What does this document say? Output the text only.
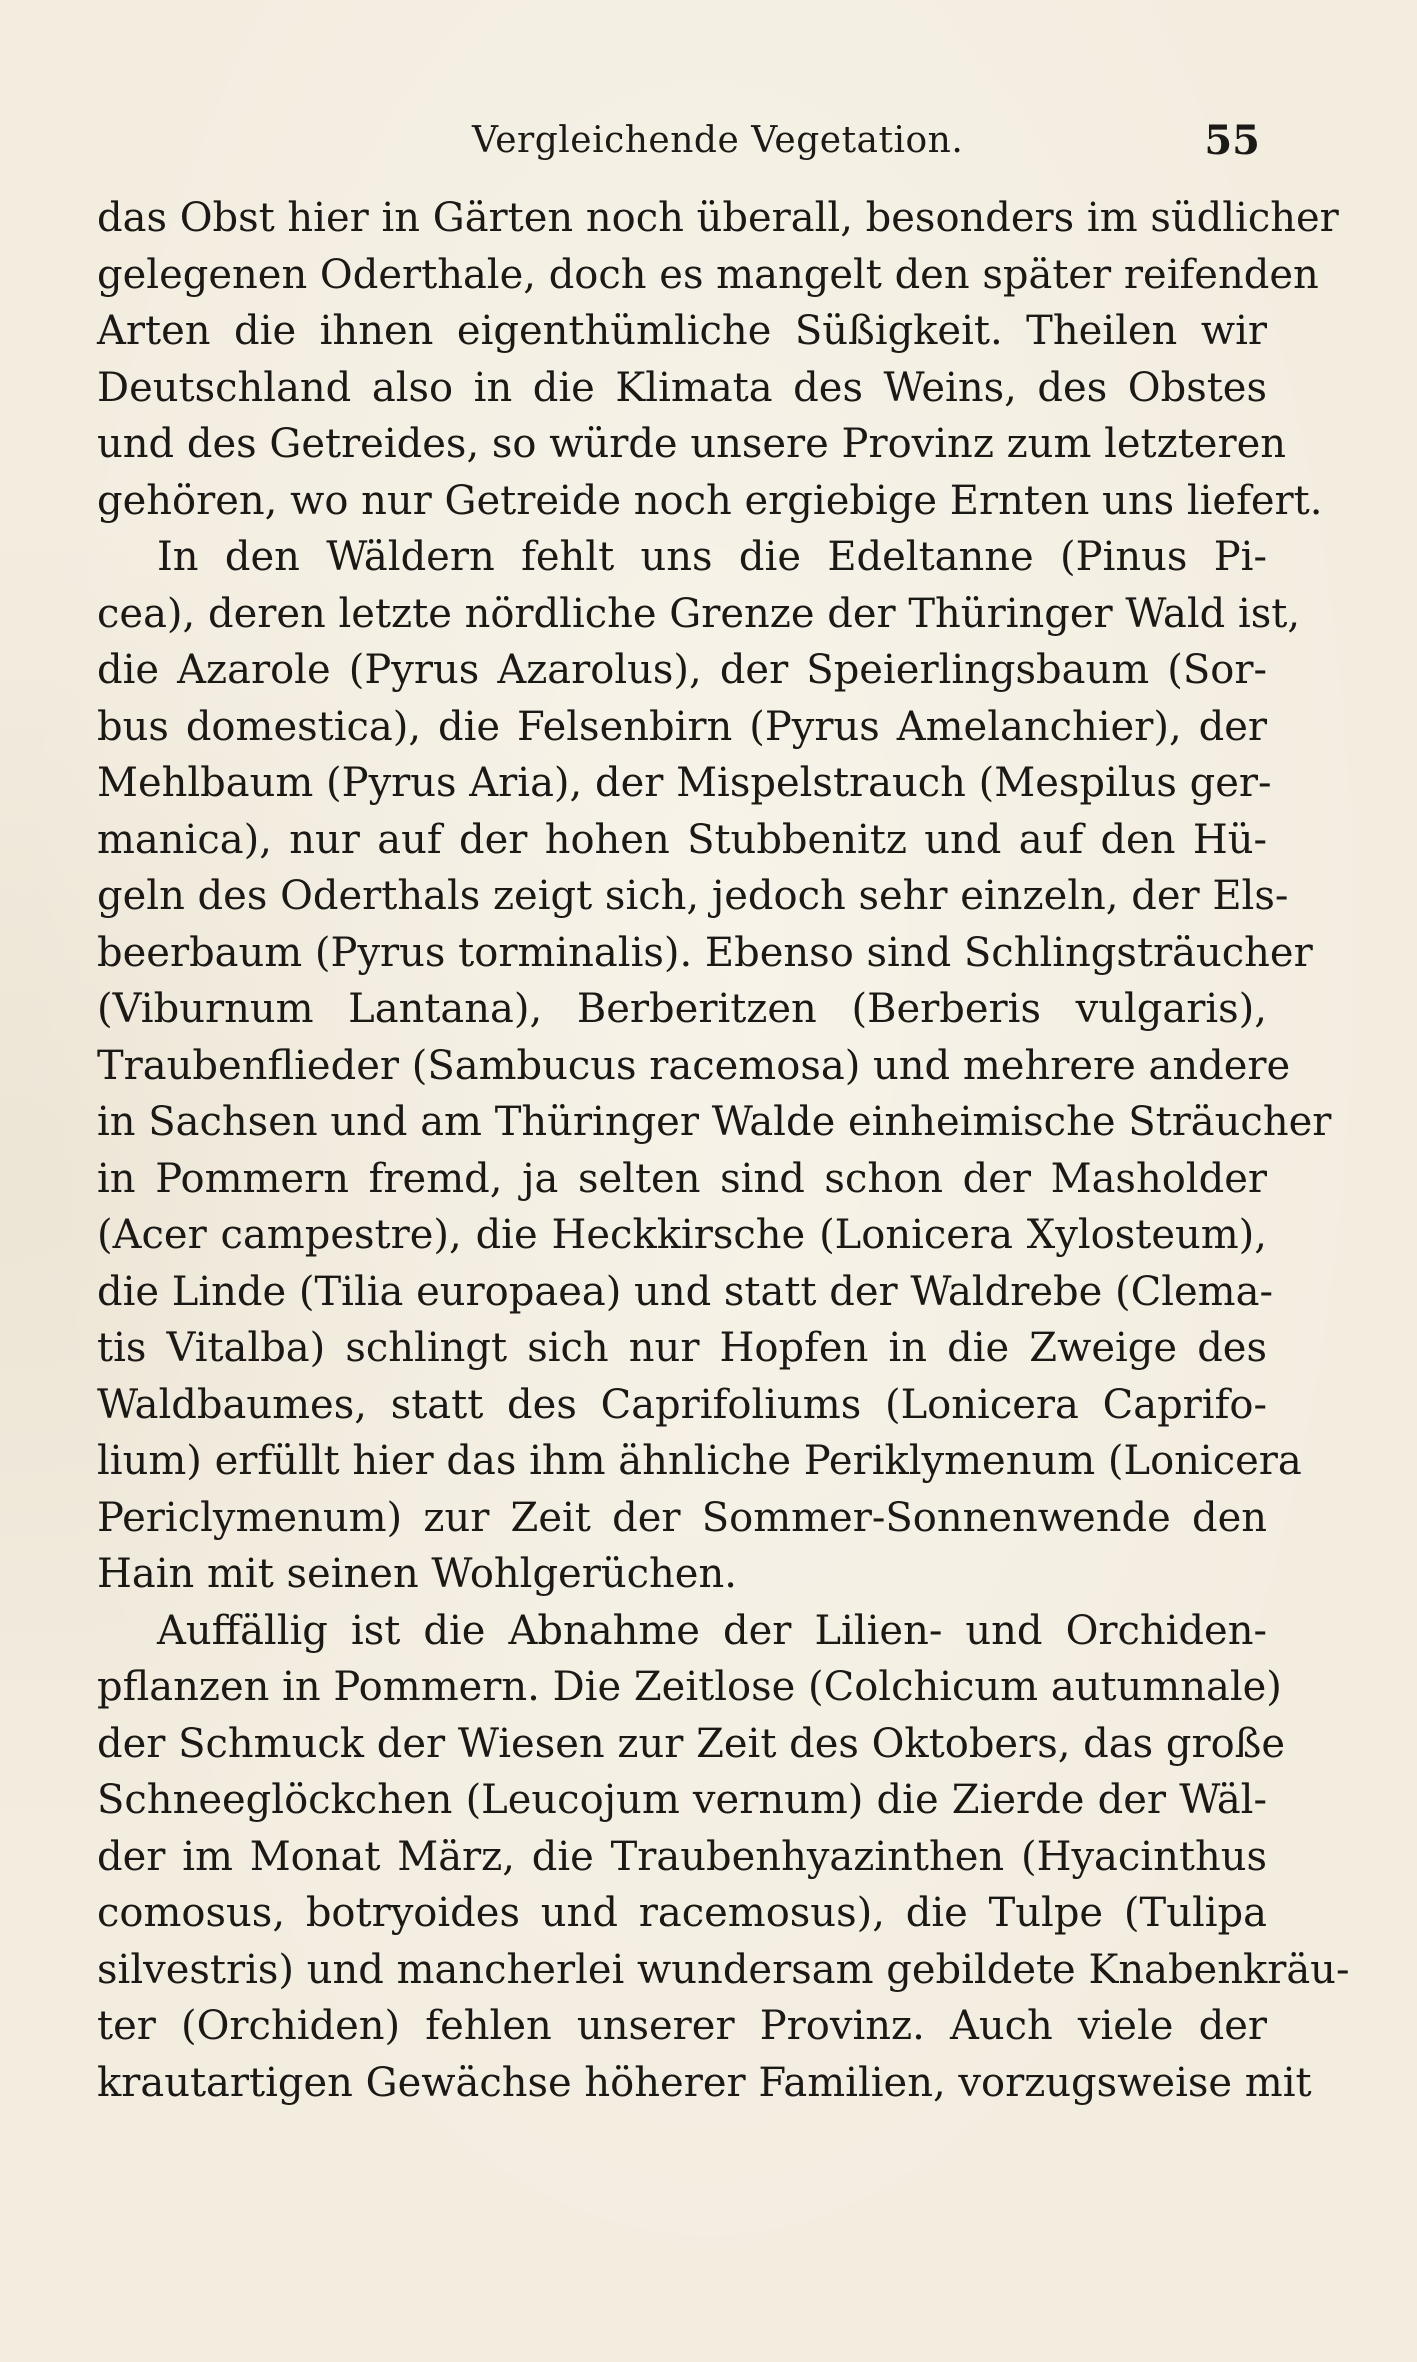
Vergleichende Vegetation.	55
das Obst hier in Gärten noch überall, besonders im südlicher
gelegenen Oderthale, doch es mangelt den später reifenden
Arten die ihnen eigenthümliche Süßigkeit. Theilen wir
Deutschland also in die Klimata des Weins, des Obstes
und des Getreides, so würde unsere Provinz zum letzteren
gehören, wo nur Getreide noch ergiebige Ernten uns liefert.
In den Wäldern fehlt uns die Edeltanne (Pinus Pi-
cea), deren letzte nördliche Grenze der Thüringer Wald ist,
die Azarole (Pyrus Azarolus), der Speierlingsbaum (Sor-
bus domestica), die Felsenbirn (Pyrus Amelanchier), der
Mehlbaum (Pyrus Aria), der Mispelstrauch (Mespilus ger-
manica), nur auf der hohen Stubbenitz und auf den Hü-
geln des Oderthals zeigt sich, jedoch sehr einzeln, der Els-
beerbaum (Pyrus torminalis). Ebenso sind Schlingsträucher
(Viburnum Lantana), Berberitzen (Berberis vulgaris),
Traubenflieder (Sambucus racemosa) und mehrere andere
in Sachsen und am Thüringer Walde einheimische Sträucher
in Pommern fremd, ja selten sind schon der Masholder
(Acer campestre), die Heckkirsche (Lonicera Xylosteum),
die Linde (Tilia europaea) und statt der Waldrebe (Clema-
tis Vitalba) schlingt sich nur Hopfen in die Zweige des
Waldbaumes, statt des Caprifoliums (Lonicera Caprifo-
lium) erfüllt hier das ihm ähnliche Periklymenum (Lonicera
Periclymenum) zur Zeit der Sommer-Sonnenwende den
Hain mit seinen Wohlgerüchen.
Auffällig ist die Abnahme der Lilien- und Orchiden-
pflanzen in Pommern. Die Zeitlose (Colchicum autumnale)
der Schmuck der Wiesen zur Zeit des Oktobers, das große
Schneeglöckchen (Leucojum vernum) die Zierde der Wäl-
der im Monat März, die Traubenhyazinthen (Hyacinthus
comosus, botryoides und racemosus), die Tulpe (Tulipa
silvestris) und mancherlei wundersam gebildete Knabenkräu-
ter (Orchiden) fehlen unserer Provinz. Auch viele der
krautartigen Gewächse höherer Familien, vorzugsweise mit
